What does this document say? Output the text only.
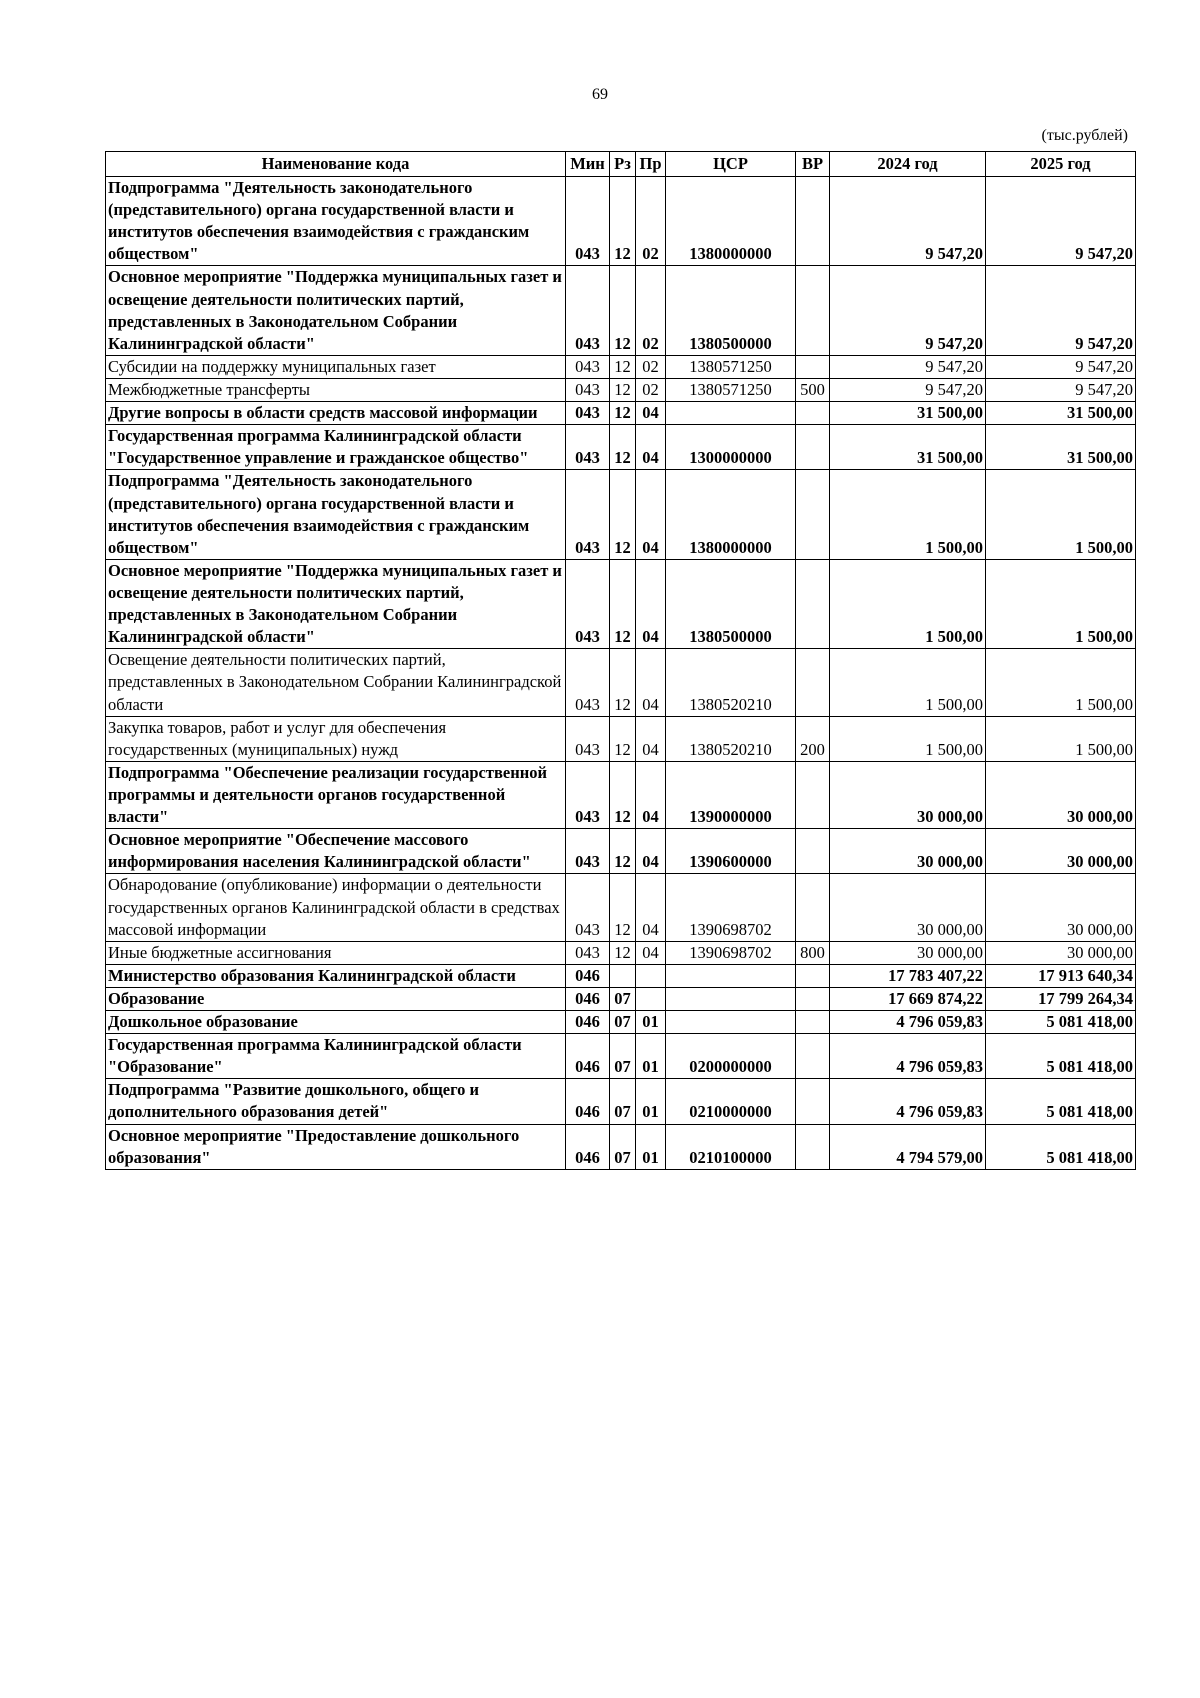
69
(тыс.рублей)
Наименование кода	Мин	Рз	Пр	ЦСР	ВР	2024 год	2025 год
Подпрограмма "Деятельность законодательного (представительного) органа государственной власти и институтов обеспечения взаимодействия с гражданским обществом"	043	12	02	1380000000		9 547,20	9 547,20
Основное мероприятие "Поддержка муниципальных газет и освещение деятельности политических партий, представленных в Законодательном Собрании Калининградской области"	043	12	02	1380500000		9 547,20	9 547,20
Субсидии на поддержку муниципальных газет	043	12	02	1380571250		9 547,20	9 547,20
Межбюджетные трансферты	043	12	02	1380571250	500	9 547,20	9 547,20
Другие вопросы в области средств массовой информации	043	12	04			31 500,00	31 500,00
Государственная программа Калининградской области "Государственное управление и гражданское общество"	043	12	04	1300000000		31 500,00	31 500,00
Подпрограмма "Деятельность законодательного (представительного) органа государственной власти и институтов обеспечения взаимодействия с гражданским обществом"	043	12	04	1380000000		1 500,00	1 500,00
Основное мероприятие "Поддержка муниципальных газет и освещение деятельности политических партий, представленных в Законодательном Собрании Калининградской области"	043	12	04	1380500000		1 500,00	1 500,00
Освещение деятельности политических партий, представленных в Законодательном Собрании Калининградской области	043	12	04	1380520210		1 500,00	1 500,00
Закупка товаров, работ и услуг для обеспечения государственных (муниципальных) нужд	043	12	04	1380520210	200	1 500,00	1 500,00
Подпрограмма "Обеспечение реализации государственной программы и деятельности органов государственной власти"	043	12	04	1390000000		30 000,00	30 000,00
Основное мероприятие "Обеспечение массового информирования населения Калининградской области"	043	12	04	1390600000		30 000,00	30 000,00
Обнародование (опубликование) информации о деятельности государственных органов Калининградской области в средствах массовой информации	043	12	04	1390698702		30 000,00	30 000,00
Иные бюджетные ассигнования	043	12	04	1390698702	800	30 000,00	30 000,00
Министерство образования Калининградской области	046					17 783 407,22	17 913 640,34
Образование	046	07				17 669 874,22	17 799 264,34
Дошкольное образование	046	07	01			4 796 059,83	5 081 418,00
Государственная программа Калининградской области "Образование"	046	07	01	0200000000		4 796 059,83	5 081 418,00
Подпрограмма "Развитие дошкольного, общего и дополнительного образования детей"	046	07	01	0210000000		4 796 059,83	5 081 418,00
Основное мероприятие "Предоставление дошкольного образования"	046	07	01	0210100000		4 794 579,00	5 081 418,00
